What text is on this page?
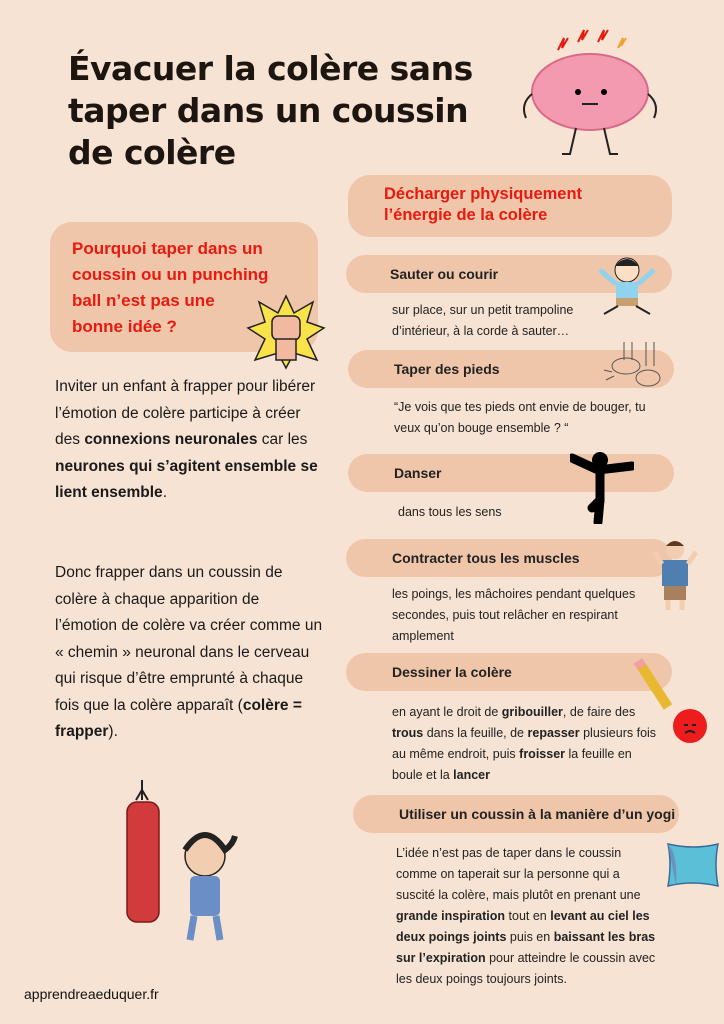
Évacuer la colère sans taper dans un coussin de colère
Pourquoi taper dans un coussin ou un punching ball n’est pas une bonne idée ?
Inviter un enfant à frapper pour libérer l’émotion de colère participe à créer des connexions neuronales car les neurones qui s’agitent ensemble se lient ensemble.
Donc frapper dans un coussin de colère à chaque apparition de l’émotion de colère va créer comme un « chemin » neuronal dans le cerveau qui risque d’être emprunté à chaque fois que la colère apparaît (colère = frapper).
Décharger physiquement l’énergie de la colère
Sauter ou courir
sur place, sur un petit trampoline d’intérieur, à la corde à sauter…
Taper des pieds
“Je vois que tes pieds ont envie de bouger, tu veux qu’on bouge ensemble ? “
Danser
dans tous les sens
Contracter tous les muscles
les poings, les mâchoires pendant quelques secondes, puis tout relâcher en respirant amplement
Dessiner la colère
en ayant le droit de gribouiller, de faire des trous dans la feuille, de repasser plusieurs fois au même endroit, puis froisser la feuille en boule et la lancer
Utiliser un coussin à la manière d’un yogi
L’idée n’est pas de taper dans le coussin comme on taperait sur la personne qui a suscité la colère, mais plutôt en prenant une grande inspiration tout en levant au ciel les deux poings joints puis en baissant les bras sur l’expiration pour atteindre le coussin avec les deux poings toujours joints.
apprendreaeduquer.fr
